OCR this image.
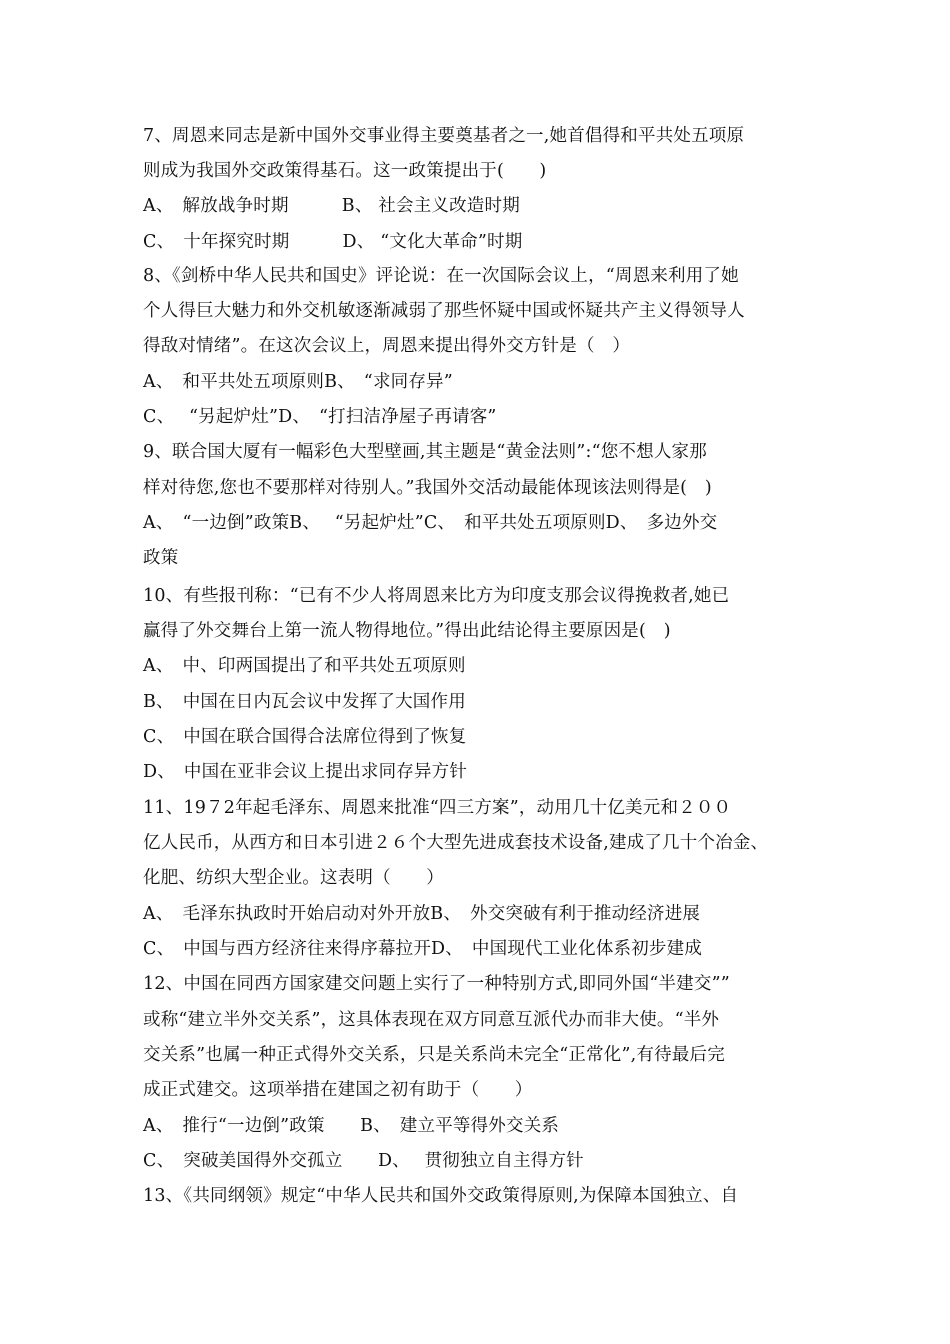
7、周恩来同志是新中国外交事业得主要奠基者之一,她首倡得和平共处五项原
则成为我国外交政策得基石。这一政策提出于(　　)
A、　解放战争时期　　　B、 社会主义改造时期
C、　十年探究时期　　　D、 “文化大革命”时期
8、《剑桥中华人民共和国史》评论说：在一次国际会议上，“周恩来利用了她
个人得巨大魅力和外交机敏逐渐减弱了那些怀疑中国或怀疑共产主义得领导人
得敌对情绪”。在这次会议上，周恩来提出得外交方针是（　）
A、　和平共处五项原则B、　“求同存异”
C、　 “另起炉灶”D、　“打扫洁净屋子再请客”
9、联合国大厦有一幅彩色大型壁画,其主题是“黄金法则”:“您不想人家那
样对待您,您也不要那样对待别人。”我国外交活动最能体现该法则得是(　)
A、　“一边倒”政策B、　 “另起炉灶”C、　和平共处五项原则D、　多边外交
政策
10、有些报刊称：“已有不少人将周恩来比方为印度支那会议得挽救者,她已
赢得了外交舞台上第一流人物得地位。”得出此结论得主要原因是(　)
A、　中、印两国提出了和平共处五项原则
B、　中国在日内瓦会议中发挥了大国作用
C、　中国在联合国得合法席位得到了恢复
D、　中国在亚非会议上提出求同存异方针
11、19７2年起毛泽东、周恩来批准“四三方案”，动用几十亿美元和２００
亿人民币，从西方和日本引进２６个大型先进成套技术设备,建成了几十个冶金、
化肥、纺织大型企业。这表明（　　）
A、　毛泽东执政时开始启动对外开放B、　外交突破有利于推动经济进展
C、　中国与西方经济往来得序幕拉开D、　中国现代工业化体系初步建成
12、中国在同西方国家建交问题上实行了一种特别方式,即同外国“半建交””
或称“建立半外交关系”，这具体表现在双方同意互派代办而非大使。“半外
交关系”也属一种正式得外交关系，只是关系尚未完全“正常化”,有待最后完
成正式建交。这项举措在建国之初有助于（　　）
A、　推行“一边倒”政策　　B、　建立平等得外交关系
C、　突破美国得外交孤立　　D、　 贯彻独立自主得方针
13、《共同纲领》规定“中华人民共和国外交政策得原则,为保障本国独立、自
